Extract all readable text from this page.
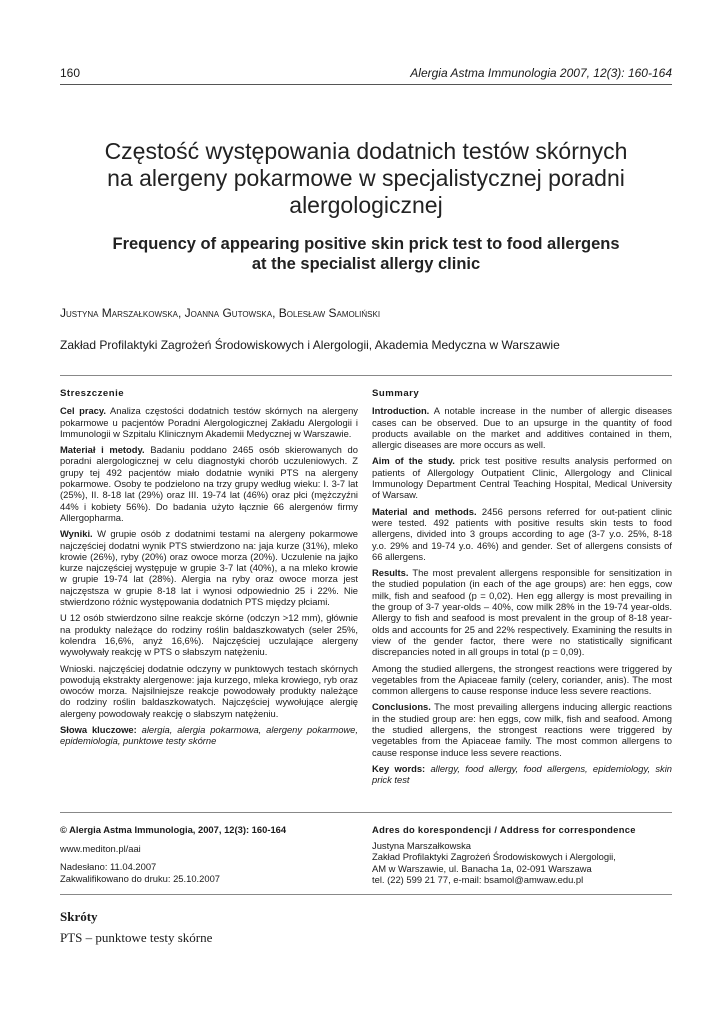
160	Alergia Astma Immunologia 2007, 12(3): 160-164
Częstość występowania dodatnich testów skórnych
na alergeny pokarmowe w specjalistycznej poradni
alergologicznej
Frequency of appearing positive skin prick test to food allergens
at the specialist allergy clinic
Justyna Marszałkowska, Joanna Gutowska, Bolesław Samoliński
Zakład Profilaktyki Zagrożeń Środowiskowych i Alergologii, Akademia Medyczna w Warszawie
Streszczenie

Cel pracy. Analiza częstości dodatnich testów skórnych na alergeny pokarmowe u pacjentów Poradni Alergologicznej Zakładu Alergologii i Immunologii w Szpitalu Klinicznym Akademii Medycznej w Warszawie.

Materiał i metody. Badaniu poddano 2465 osób skierowanych do poradni alergologicznej w celu diagnostyki chorób uczuleniowych. Z grupy tej 492 pacjentów miało dodatnie wyniki PTS na alergeny pokarmowe. Osoby te podzielono na trzy grupy według wieku: I. 3-7 lat (25%), II. 8-18 lat (29%) oraz III. 19-74 lat (46%) oraz płci (mężczyźni 44% i kobiety 56%). Do badania użyto łącznie 66 alergenów firmy Allergopharma.

Wyniki. W grupie osób z dodatnimi testami na alergeny pokarmowe najczęściej dodatni wynik PTS stwierdzono na: jaja kurze (31%), mleko krowie (26%), ryby (20%) oraz owoce morza (20%). Uczulenie na jajko kurze najczęściej występuje w grupie 3-7 lat (40%), a na mleko krowie w grupie 19-74 lat (28%). Alergia na ryby oraz owoce morza jest najczęstsza w grupie 8-18 lat i wynosi odpowiednio 25 i 22%. Nie stwierdzono różnic występowania dodatnich PTS między płciami.

U 12 osób stwierdzono silne reakcje skórne (odczyn >12 mm), głównie na produkty należące do rodziny roślin baldaszkowatych (seler 25%, kolendra 16,6%, anyż 16,6%). Najczęściej uczulające alergeny wywoływały reakcję w PTS o słabszym natężeniu.

Wnioski. najczęściej dodatnie odczyny w punktowych testach skórnych powodują ekstrakty alergenowe: jaja kurzego, mleka krowiego, ryb oraz owoców morza. Najsilniejsze reakcje powodowały produkty należące do rodziny roślin baldaszkowatych. Najczęściej wywołujące alergię alergeny powodowały reakcję o słabszym natężeniu.

Słowa kluczowe: alergia, alergia pokarmowa, alergeny pokarmowe, epidemiologia, punktowe testy skórne

Summary

Introduction. A notable increase in the number of allergic diseases cases can be observed. Due to an upsurge in the quantity of food products available on the market and additives contained in them, allergic diseases are more occurs as well.

Aim of the study. prick test positive results analysis performed on patients of Allergology Outpatient Clinic, Allergology and Clinical Immunology Department Central Teaching Hospital, Medical University of Warsaw.

Material and methods. 2456 persons referred for out-patient clinic were tested. 492 patients with positive results skin tests to food allergens, divided into 3 groups according to age (3-7 y.o. 25%, 8-18 y.o. 29% and 19-74 y.o. 46%) and gender. Set of allergens consists of 66 allergens.

Results. The most prevalent allergens responsible for sensitization in the studied population (in each of the age groups) are: hen eggs, cow milk, fish and seafood (p = 0,02). Hen egg allergy is most prevailing in the group of 3-7 year-olds – 40%, cow milk 28% in the 19-74 year-olds. Allergy to fish and seafood is most prevalent in the group of 8-18 year-olds and accounts for 25 and 22% respectively. Examining the results in view of the gender factor, there were no statistically significant discrepancies noted in all groups in total (p = 0,09).

Among the studied allergens, the strongest reactions were triggered by vegetables from the Apiaceae family (celery, coriander, anis). The most common allergens to cause response induce less severe reactions.

Conclusions. The most prevailing allergens inducing allergic reactions in the studied group are: hen eggs, cow milk, fish and seafood. Among the studied allergens, the strongest reactions were triggered by vegetables from the Apiaceae family. The most common allergens to cause response induce less severe reactions.

Key words: allergy, food allergy, food allergens, epidemiology, skin prick test

© Alergia Astma Immunologia, 2007, 12(3): 160-164
www.mediton.pl/aai
Nadesłano: 11.04.2007
Zakwalifikowano do druku: 25.10.2007
Adres do korespondencji / Address for correspondence
Justyna Marszałkowska
Zakład Profilaktyki Zagrożeń Środowiskowych i Alergologii,
AM w Warszawie, ul. Banacha 1a, 02-091 Warszawa
tel. (22) 599 21 77, e-mail: bsamol@amwaw.edu.pl
Skróty
PTS – punktowe testy skórne
